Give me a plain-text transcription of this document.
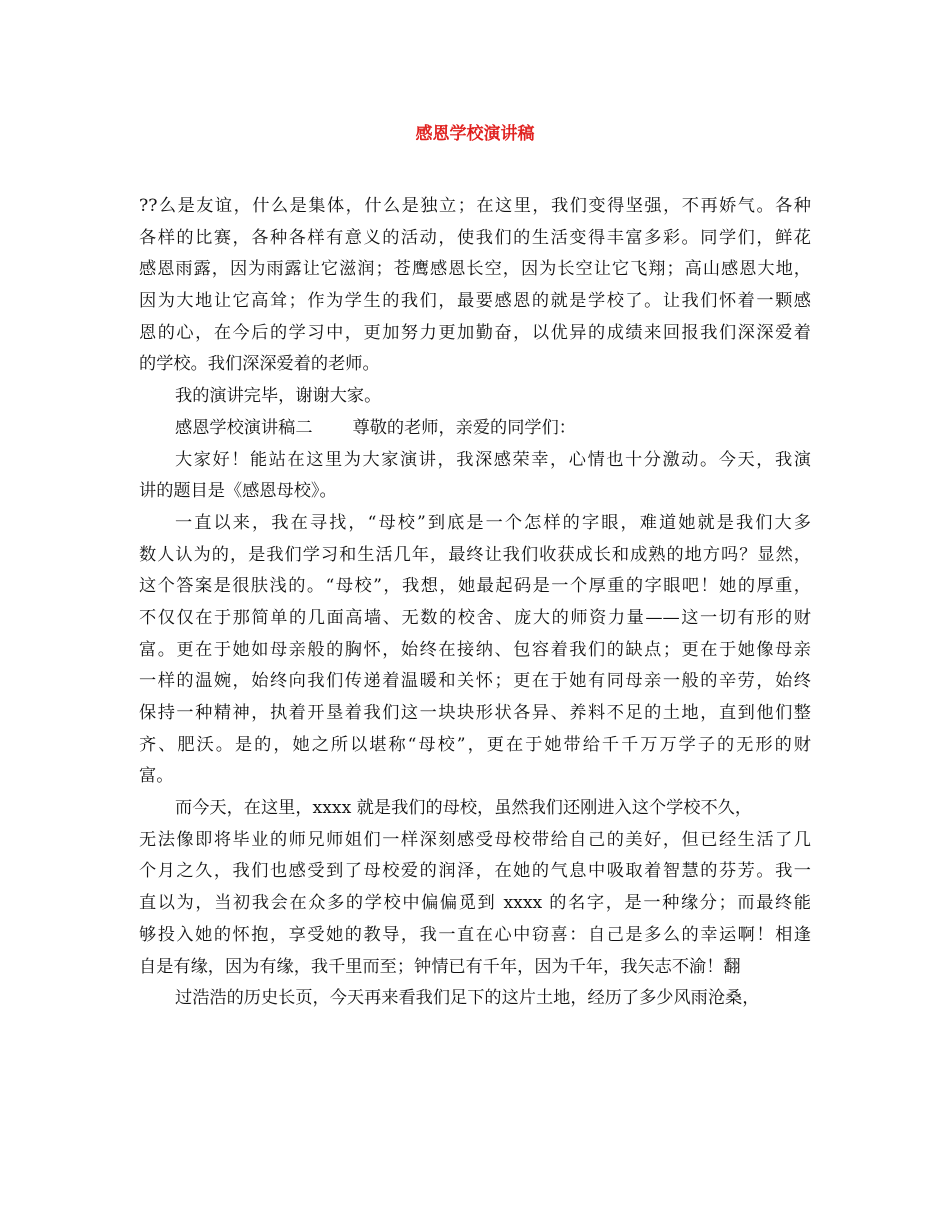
感恩学校演讲稿
??么是友谊，什么是集体，什么是独立；在这里，我们变得坚强，不再娇气。各种
各样的比赛，各种各样有意义的活动，使我们的生活变得丰富多彩。同学们，鲜花
感恩雨露，因为雨露让它滋润；苍鹰感恩长空，因为长空让它飞翔；高山感恩大地，
因为大地让它高耸；作为学生的我们，最要感恩的就是学校了。让我们怀着一颗感
恩的心，在今后的学习中，更加努力更加勤奋，以优异的成绩来回报我们深深爱着
的学校。我们深深爱着的老师。
我的演讲完毕，谢谢大家。
感恩学校演讲稿二 尊敬的老师，亲爱的同学们：
大家好！能站在这里为大家演讲，我深感荣幸，心情也十分激动。今天，我演
讲的题目是《感恩母校》。
一直以来，我在寻找，“母校”到底是一个怎样的字眼，难道她就是我们大多
数人认为的，是我们学习和生活几年，最终让我们收获成长和成熟的地方吗？显然，
这个答案是很肤浅的。“母校”，我想，她最起码是一个厚重的字眼吧！她的厚重，
不仅仅在于那简单的几面高墙、无数的校舍、庞大的师资力量——这一切有形的财
富。更在于她如母亲般的胸怀，始终在接纳、包容着我们的缺点；更在于她像母亲
一样的温婉，始终向我们传递着温暖和关怀；更在于她有同母亲一般的辛劳，始终
保持一种精神，执着开垦着我们这一块块形状各异、养料不足的土地，直到他们整
齐、肥沃。是的，她之所以堪称“母校”，更在于她带给千千万万学子的无形的财
富。
而今天，在这里，xxxx 就是我们的母校，虽然我们还刚进入这个学校不久，
无法像即将毕业的师兄师姐们一样深刻感受母校带给自己的美好，但已经生活了几
个月之久，我们也感受到了母校爱的润泽，在她的气息中吸取着智慧的芬芳。我一
直以为，当初我会在众多的学校中偏偏觅到 xxxx 的名字，是一种缘分；而最终能
够投入她的怀抱，享受她的教导，我一直在心中窃喜：自己是多么的幸运啊！相逢
自是有缘，因为有缘，我千里而至；钟情已有千年，因为千年，我矢志不渝！翻
过浩浩的历史长页，今天再来看我们足下的这片土地，经历了多少风雨沧桑，
